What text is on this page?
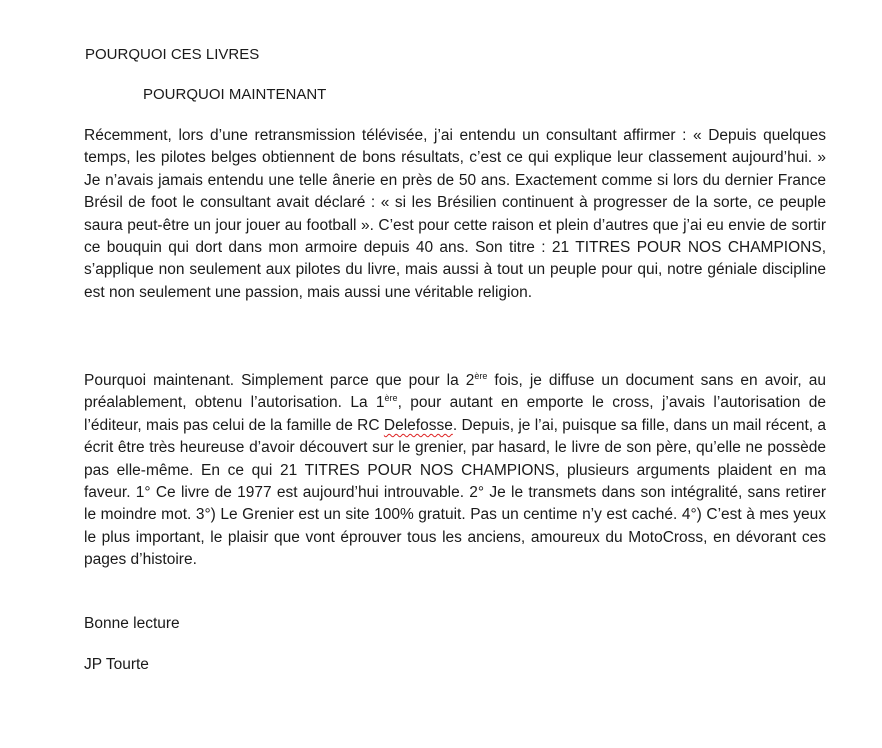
POURQUOI CES LIVRES
POURQUOI MAINTENANT
Récemment, lors d’une retransmission télévisée, j’ai entendu un consultant affirmer : « Depuis quelques temps, les pilotes belges obtiennent de bons résultats, c’est ce qui explique leur classement aujourd’hui. » Je n’avais jamais entendu une telle ânerie en près de 50 ans. Exactement comme si lors du dernier France Brésil de foot le consultant avait déclaré : « si les Brésilien continuent à progresser de la sorte, ce peuple saura peut-être un jour jouer au football ». C’est pour cette raison et plein d’autres que j’ai eu envie de sortir ce bouquin qui dort dans mon armoire depuis 40 ans. Son titre : 21 TITRES POUR NOS CHAMPIONS, s’applique non seulement aux pilotes du livre, mais aussi à tout un peuple pour qui, notre géniale discipline est non seulement une passion, mais aussi une véritable religion.
Pourquoi maintenant. Simplement parce que pour la 2ère fois, je diffuse un document sans en avoir, au préalablement, obtenu l’autorisation. La 1ère, pour autant en emporte le cross, j’avais l’autorisation de l’éditeur, mais pas celui de la famille de RC Delefosse. Depuis, je l’ai, puisque sa fille, dans un mail récent, a écrit être très heureuse d’avoir découvert sur le grenier, par hasard, le livre de son père, qu’elle ne possède pas elle-même. En ce qui 21 TITRES POUR NOS CHAMPIONS, plusieurs arguments plaident en ma faveur. 1° Ce livre de 1977 est aujourd’hui introuvable. 2° Je le transmets dans son intégralité, sans retirer le moindre mot. 3°) Le Grenier est un site 100% gratuit. Pas un centime n’y est caché. 4°) C’est à mes yeux le plus important, le plaisir que vont éprouver tous les anciens, amoureux du MotoCross, en dévorant ces pages d’histoire.
Bonne lecture
JP Tourte
